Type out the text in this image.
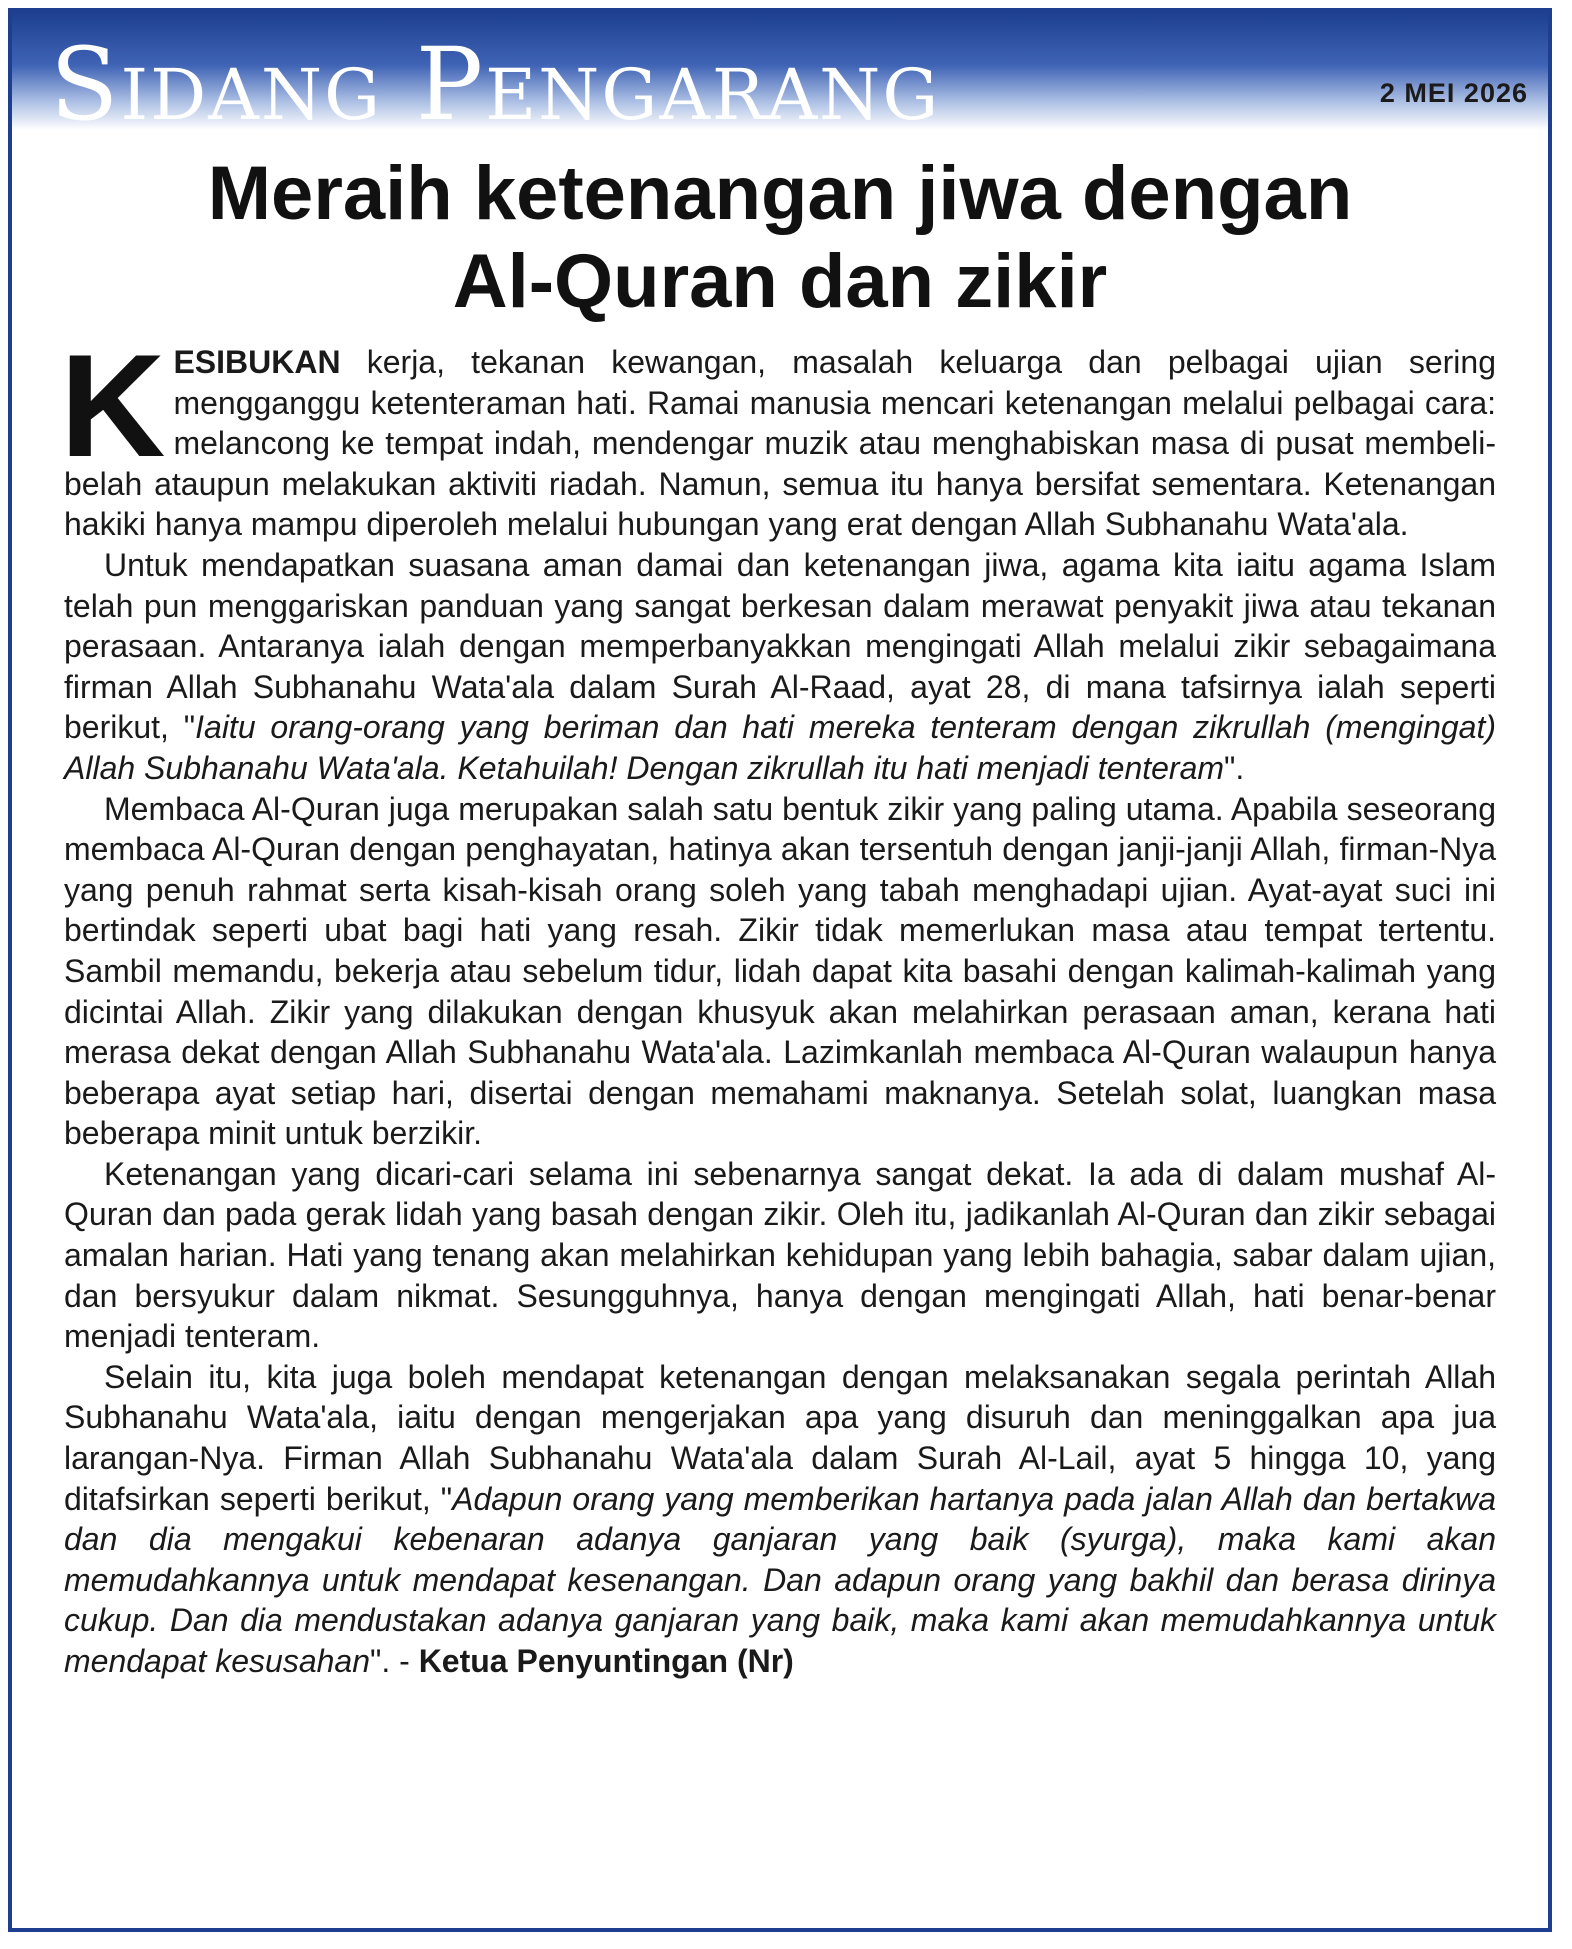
Sidang Pengarang	2 MEI 2026
Meraih ketenangan jiwa dengan
Al-Quran dan zikir

KESIBUKAN kerja, tekanan kewangan, masalah keluarga dan pelbagai ujian sering mengganggu ketenteraman hati. Ramai manusia mencari ketenangan melalui pelbagai cara: melancong ke tempat indah, mendengar muzik atau menghabiskan masa di pusat membeli-belah ataupun melakukan aktiviti riadah. Namun, semua itu hanya bersifat sementara. Ketenangan hakiki hanya mampu diperoleh melalui hubungan yang erat dengan Allah Subhanahu Wata'ala.

Untuk mendapatkan suasana aman damai dan ketenangan jiwa, agama kita iaitu agama Islam telah pun menggariskan panduan yang sangat berkesan dalam merawat penyakit jiwa atau tekanan perasaan. Antaranya ialah dengan memperbanyakkan mengingati Allah melalui zikir sebagaimana firman Allah Subhanahu Wata'ala dalam Surah Al-Raad, ayat 28, di mana tafsirnya ialah seperti berikut, "Iaitu orang-orang yang beriman dan hati mereka tenteram dengan zikrullah (mengingat) Allah Subhanahu Wata'ala. Ketahuilah! Dengan zikrullah itu hati menjadi tenteram".

Membaca Al-Quran juga merupakan salah satu bentuk zikir yang paling utama. Apabila seseorang membaca Al-Quran dengan penghayatan, hatinya akan tersentuh dengan janji-janji Allah, firman-Nya yang penuh rahmat serta kisah-kisah orang soleh yang tabah menghadapi ujian. Ayat-ayat suci ini bertindak seperti ubat bagi hati yang resah. Zikir tidak memerlukan masa atau tempat tertentu. Sambil memandu, bekerja atau sebelum tidur, lidah dapat kita basahi dengan kalimah-kalimah yang dicintai Allah. Zikir yang dilakukan dengan khusyuk akan melahirkan perasaan aman, kerana hati merasa dekat dengan Allah Subhanahu Wata'ala. Lazimkanlah membaca Al-Quran walaupun hanya beberapa ayat setiap hari, disertai dengan memahami maknanya. Setelah solat, luangkan masa beberapa minit untuk berzikir.

Ketenangan yang dicari-cari selama ini sebenarnya sangat dekat. Ia ada di dalam mushaf Al-Quran dan pada gerak lidah yang basah dengan zikir. Oleh itu, jadikanlah Al-Quran dan zikir sebagai amalan harian. Hati yang tenang akan melahirkan kehidupan yang lebih bahagia, sabar dalam ujian, dan bersyukur dalam nikmat. Sesungguhnya, hanya dengan mengingati Allah, hati benar-benar menjadi tenteram.

Selain itu, kita juga boleh mendapat ketenangan dengan melaksanakan segala perintah Allah Subhanahu Wata'ala, iaitu dengan mengerjakan apa yang disuruh dan meninggalkan apa jua larangan-Nya. Firman Allah Subhanahu Wata'ala dalam Surah Al-Lail, ayat 5 hingga 10, yang ditafsirkan seperti berikut, "Adapun orang yang memberikan hartanya pada jalan Allah dan bertakwa dan dia mengakui kebenaran adanya ganjaran yang baik (syurga), maka kami akan memudahkannya untuk mendapat kesenangan. Dan adapun orang yang bakhil dan berasa dirinya cukup. Dan dia mendustakan adanya ganjaran yang baik, maka kami akan memudahkannya untuk mendapat kesusahan". - Ketua Penyuntingan (Nr)
